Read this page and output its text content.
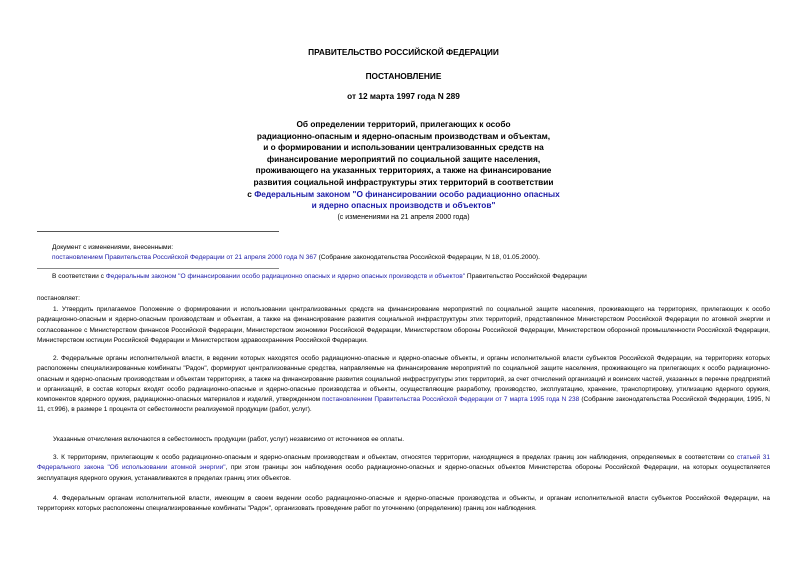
ПРАВИТЕЛЬСТВО РОССИЙСКОЙ ФЕДЕРАЦИИ
ПОСТАНОВЛЕНИЕ
от 12 марта 1997 года N 289
Об определении территорий, прилегающих к особо
радиационно-опасным и ядерно-опасным производствам и объектам,
и о формировании и использовании централизованных средств на
финансирование мероприятий по социальной защите населения,
проживающего на указанных территориях, а также на финансирование
развития социальной инфраструктуры этих территорий в соответствии
с Федеральным законом "О финансировании особо радиационно опасных
и ядерно опасных производств и объектов"
(с изменениями на 21 апреля 2000 года)
Документ с изменениями, внесенными:
постановлением Правительства Российской Федерации от 21 апреля 2000 года N 367 (Собрание законодательства Российской Федерации, N 18, 01.05.2000).
В соответствии с Федеральным законом "О финансировании особо радиационно опасных и ядерно опасных производств и объектов" Правительство Российской Федерации
постановляет:
1. Утвердить прилагаемое Положение о формировании и использовании централизованных средств на финансирование мероприятий по социальной защите населения, проживающего на территориях, прилегающих к особо радиационно-опасным и ядерно-опасным производствам и объектам, а также на финансирование развития социальной инфраструктуры этих территорий, представленное Министерством Российской Федерации по атомной энергии и согласованное с Министерством финансов Российской Федерации, Министерством экономики Российской Федерации, Министерством обороны Российской Федерации, Министерством оборонной промышленности Российской Федерации, Министерством юстиции Российской Федерации и Министерством здравоохранения Российской Федерации.
2. Федеральные органы исполнительной власти, в ведении которых находятся особо радиационно-опасные и ядерно-опасные объекты, и органы исполнительной власти субъектов Российской Федерации, на территориях которых расположены специализированные комбинаты "Радон", формируют централизованные средства, направляемые на финансирование мероприятий по социальной защите населения, проживающего на прилегающих к особо радиационно-опасным и ядерно-опасным производствам и объектам территориях, а также на финансирование развития социальной инфраструктуры этих территорий, за счет отчислений организаций и воинских частей, указанных в перечне предприятий и организаций, в состав которых входят особо радиационно-опасные и ядерно-опасные производства и объекты, осуществляющие разработку, производство, эксплуатацию, хранение, транспортировку, утилизацию ядерного оружия, компонентов ядерного оружия, радиационно-опасных материалов и изделий, утвержденном постановлением Правительства Российской Федерации от 7 марта 1995 года N 238 (Собрание законодательства Российской Федерации, 1995, N 11, ст.996), в размере 1 процента от себестоимости реализуемой продукции (работ, услуг).
Указанные отчисления включаются в себестоимость продукции (работ, услуг) независимо от источников ее оплаты.
3. К территориям, прилегающим к особо радиационно-опасным и ядерно-опасным производствам и объектам, относятся территории, находящиеся в пределах границ зон наблюдения, определяемых в соответствии со статьей 31 Федерального закона "Об использовании атомной энергии", при этом границы зон наблюдения особо радиационно-опасных и ядерно-опасных объектов Министерства обороны Российской Федерации, на которых осуществляется эксплуатация ядерного оружия, устанавливаются в пределах границ этих объектов.
4. Федеральным органам исполнительной власти, имеющим в своем ведении особо радиационно-опасные и ядерно-опасные производства и объекты, и органам исполнительной власти субъектов Российской Федерации, на территориях которых расположены специализированные комбинаты "Радон", организовать проведение работ по уточнению (определению) границ зон наблюдения.
